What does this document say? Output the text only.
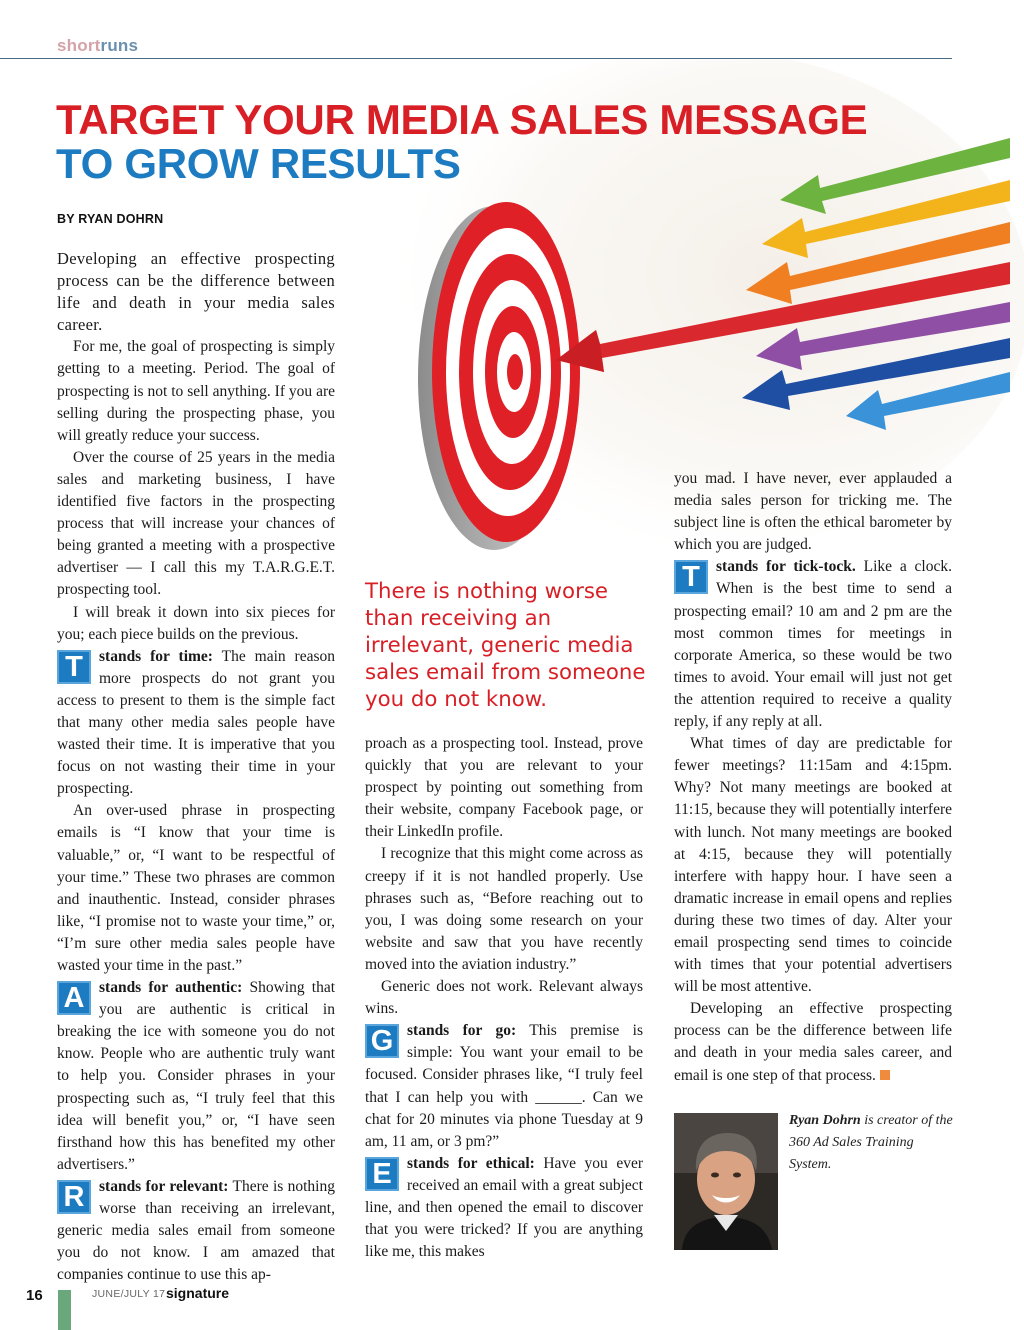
shortruns
TARGET YOUR MEDIA SALES MESSAGE
TO GROW RESULTS
BY RYAN DOHRN

Developing an effective prospecting process can be the difference between life and death in your media sales career.

For me, the goal of prospecting is simply getting to a meeting. Period. The goal of prospecting is not to sell anything. If you are selling during the prospecting phase, you will greatly reduce your success.

Over the course of 25 years in the media sales and marketing business, I have identified five factors in the prospecting process that will increase your chances of being granted a meeting with a prospective advertiser — I call this my T.A.R.G.E.T. prospecting tool.

I will break it down into six pieces for you; each piece builds on the previous.

T	stands for time: The main reason more prospects do not grant you access to present to them is the simple fact that many other media sales people have wasted their time. It is imperative that you focus on not wasting their time in your prospecting.

An over-used phrase in prospecting emails is “I know that your time is valuable,” or, “I want to be respectful of your time.” These two phrases are common and inauthentic. Instead, consider phrases like, “I promise not to waste your time,” or, “I’m sure other media sales people have wasted your time in the past.”

A stands for authentic: Showing that you are authentic is critical in breaking the ice with someone you do not know. People who are authentic truly want to help you. Consider phrases in your prospecting such as, “I truly feel that this idea will benefit you,” or, “I have seen firsthand how this has benefited my other advertisers.”

R stands for relevant: There is nothing worse than receiving an irrelevant, generic media sales email from someone you do not know. I am amazed that companies continue to use this ap-

There is nothing worse than receiving an irrelevant, generic media sales email from someone you do not know.

proach as a prospecting tool. Instead, prove quickly that you are relevant to your prospect by pointing out something from their website, company Facebook page, or their LinkedIn profile.

I recognize that this might come across as creepy if it is not handled properly. Use phrases such as, “Before reaching out to you, I was doing some research on your website and saw that you have recently moved into the aviation industry.”

Generic does not work. Relevant always wins.

G stands for go: This premise is simple: You want your email to be focused. Consider phrases like, “I truly feel that I can help you with ______. Can we chat for 20 minutes via phone Tuesday at 9 am, 11 am, or 3 pm?”

E stands for ethical: Have you ever received an email with a great subject line, and then opened the email to discover that you were tricked? If you are anything like me, this makes

you mad. I have never, ever applauded a media sales person for tricking me. The subject line is often the ethical barometer by which you are judged.

T	stands for tick-tock. Like a clock. When is the best time to send a prospecting email? 10 am and 2 pm are the most common times for meetings in corporate America, so these would be two times to avoid. Your email will just not get the attention required to receive a quality reply, if any reply at all.

What times of day are predictable for fewer meetings? 11:15am and 4:15pm. Why? Not many meetings are booked at 11:15, because they will potentially interfere with lunch. Not many meetings are booked at 4:15, because they will potentially interfere with happy hour. I have seen a dramatic increase in email opens and replies during these two times of day. Alter your email prospecting send times to coincide with times that your potential advertisers will be most attentive.

Developing an effective prospecting process can be the difference between life and death in your media sales career, and email is one step of that process.

Ryan Dohrn is creator of the 360 Ad Sales Training System.

16	JUNE/JULY 17 signature
